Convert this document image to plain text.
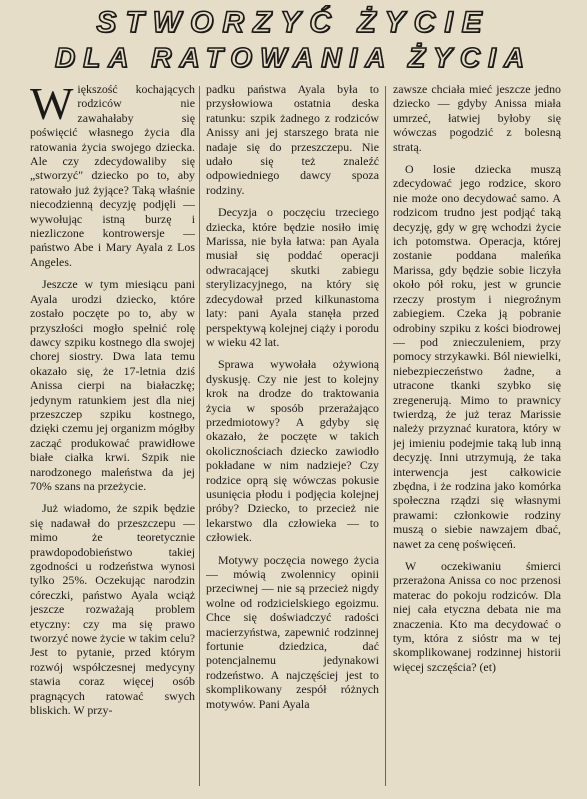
STWORZYĆ ŻYCIE
DLA RATOWANIA ŻYCIA

Większość kochających rodziców nie zawahałaby się poświęcić własnego życia dla ratowania życia swojego dziecka. Ale czy zdecydowaliby się „stworzyć" dziecko po to, aby ratowało już żyjące? Taką właśnie niecodzienną decyzję podjęli — wywołując istną burzę i niezliczone kontrowersje — państwo Abe i Mary Ayala z Los Angeles.

Jeszcze w tym miesiącu pani Ayala urodzi dziecko, które zostało poczęte po to, aby w przyszłości mogło spełnić rolę dawcy szpiku kostnego dla swojej chorej siostry. Dwa lata temu okazało się, że 17-letnia dziś Anissa cierpi na białaczkę; jedynym ratunkiem jest dla niej przeszczep szpiku kostnego, dzięki czemu jej organizm mógłby zacząć produkować prawidłowe białe ciałka krwi. Szpik nie narodzonego maleństwa da jej 70% szans na przeżycie.

Już wiadomo, że szpik będzie się nadawał do przeszczepu — mimo że teoretycznie prawdopodobieństwo takiej zgodności u rodzeństwa wynosi tylko 25%. Oczekując narodzin córeczki, państwo Ayala wciąż jeszcze rozważają problem etyczny: czy ma się prawo tworzyć nowe życie w takim celu? Jest to pytanie, przed którym rozwój współczesnej medycyny stawia coraz więcej osób pragnących ratować swych bliskich. W przy-

padku państwa Ayala była to przysłowiowa ostatnia deska ratunku: szpik żadnego z rodziców Anissy ani jej starszego brata nie nadaje się do przeszczepu. Nie udało się też znaleźć odpowiedniego dawcy spoza rodziny.

Decyzja o poczęciu trzeciego dziecka, które będzie nosiło imię Marissa, nie była łatwa: pan Ayala musiał się poddać operacji odwracającej skutki zabiegu sterylizacyjnego, na który się zdecydował przed kilkunastoma laty: pani Ayala stanęła przed perspektywą kolejnej ciąży i porodu w wieku 42 lat.

Sprawa wywołała ożywioną dyskusję. Czy nie jest to kolejny krok na drodze do traktowania życia w sposób przerażająco przedmiotowy? A gdyby się okazało, że poczęte w takich okolicznościach dziecko zawiodło pokładane w nim nadzieje? Czy rodzice oprą się wówczas pokusie usunięcia płodu i podjęcia kolejnej próby? Dziecko, to przecież nie lekarstwo dla człowieka — to człowiek.

Motywy poczęcia nowego życia — mówią zwolennicy opinii przeciwnej — nie są przecież nigdy wolne od rodzicielskiego egoizmu. Chce się doświadczyć radości macierzyństwa, zapewnić rodzinnej fortunie dziedzica, dać potencjalnemu jedynakowi rodzeństwo. A najczęściej jest to skomplikowany zespół różnych motywów. Pani Ayala

zawsze chciała mieć jeszcze jedno dziecko — gdyby Anissa miała umrzeć, łatwiej byłoby się wówczas pogodzić z bolesną stratą.

O losie dziecka muszą zdecydować jego rodzice, skoro nie może ono decydować samo. A rodzicom trudno jest podjąć taką decyzję, gdy w grę wchodzi życie ich potomstwa. Operacja, której zostanie poddana maleńka Marissa, gdy będzie sobie liczyła około pół roku, jest w gruncie rzeczy prostym i niegroźnym zabiegiem. Czeka ją pobranie odrobiny szpiku z kości biodrowej — pod znieczuleniem, przy pomocy strzykawki. Ból niewielki, niebezpieczeństwo żadne, a utracone tkanki szybko się zregenerują. Mimo to prawnicy twierdzą, że już teraz Marissie należy przyznać kuratora, który w jej imieniu podejmie taką lub inną decyzję. Inni utrzymują, że taka interwencja jest całkowicie zbędna, i że rodzina jako komórka społeczna rządzi się własnymi prawami: członkowie rodziny muszą o siebie nawzajem dbać, nawet za cenę poświęceń.

W oczekiwaniu śmierci przerażona Anissa co noc przenosi materac do pokoju rodziców. Dla niej cała etyczna debata nie ma znaczenia. Kto ma decydować o tym, która z sióstr ma w tej skomplikowanej rodzinnej historii więcej szczęścia? (et)
